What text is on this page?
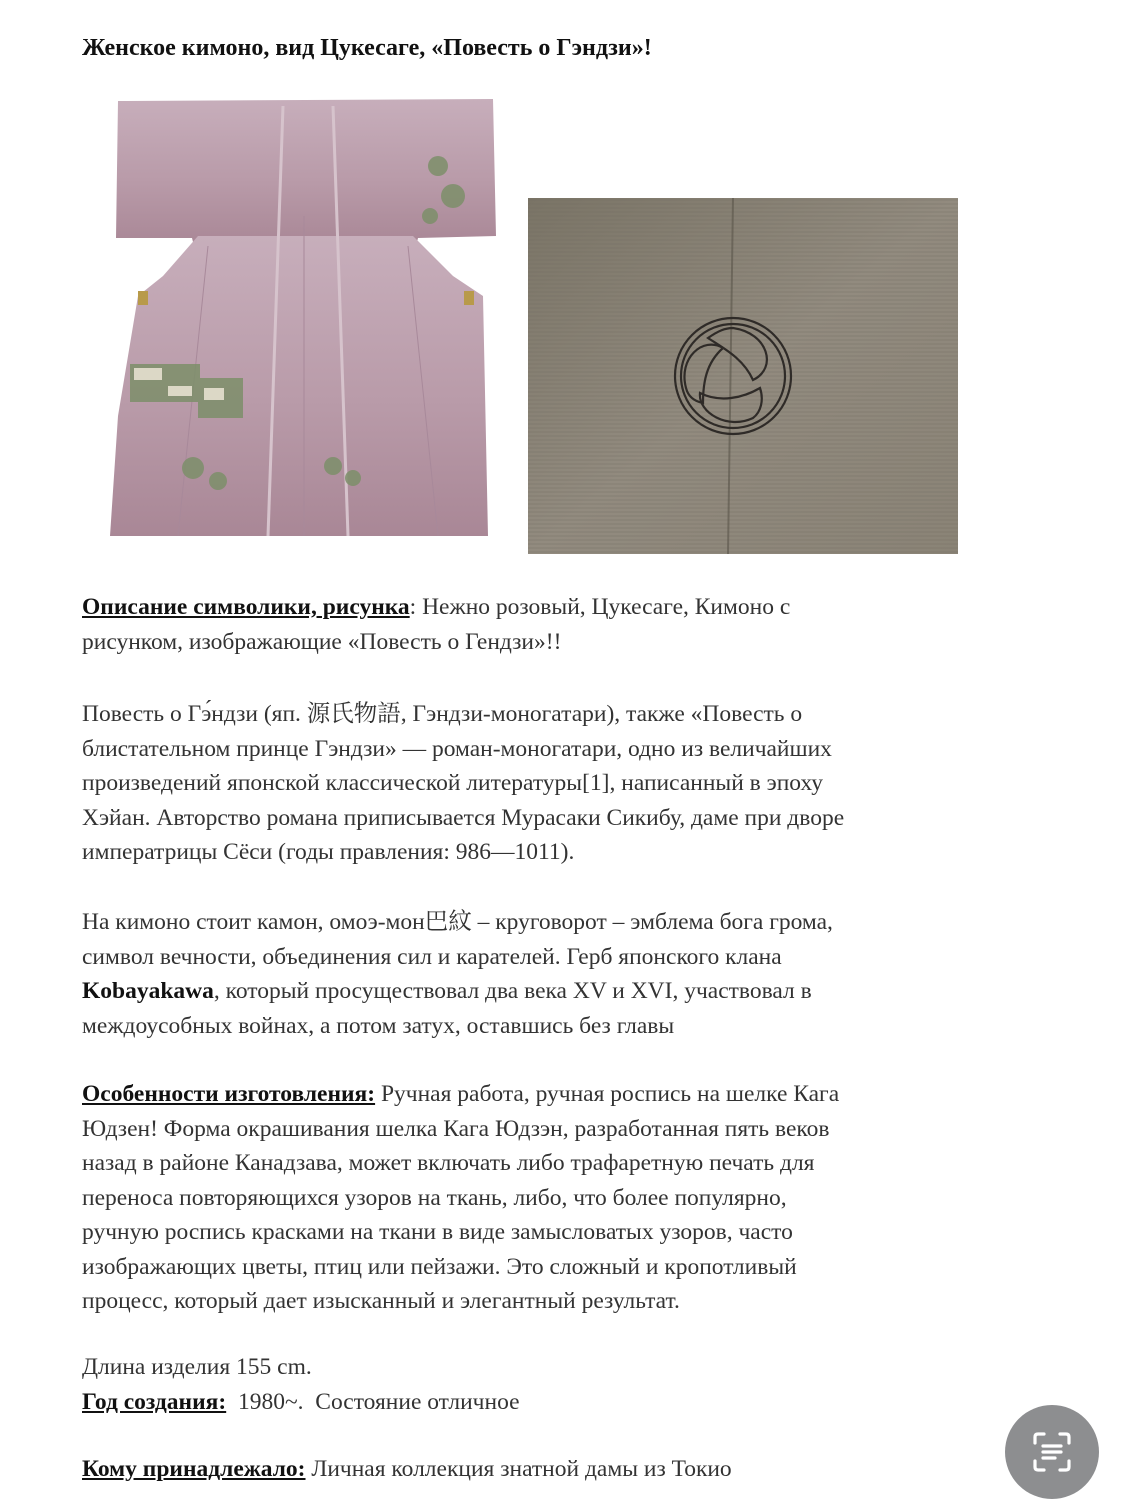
Женское кимоно, вид Цукесаге, «Повесть о Гэндзи»!

Описание символики, рисунка: Нежно розовый, Цукесаге, Кимоно с

рисунком, изображающие «Повесть о Гендзи»!!

Повесть о Гэ́ндзи (яп. 源氏物語, Гэндзи-моногатари), также «Повесть о

блистательном принце Гэндзи» — роман-моногатари, одно из величайших

произведений японской классической литературы[1], написанный в эпоху

Хэйан. Авторство романа приписывается Мурасаки Сикибу, даме при дворе

императрицы Сёси (годы правления: 986—1011).

На кимоно стоит камон, омоэ-мон巴紋 – круговорот – эмблема бога грома,

символ вечности, объединения сил и карателей. Герб японского клана

Kobayakawa, который просуществовал два века XV и XVI, участвовал в

междоусобных войнах, а потом затух, оставшись без главы

Особенности изготовления: Ручная работа, ручная роспись на шелке Кага

Юдзен! Форма окрашивания шелка Кага Юдзэн, разработанная пять веков

назад в районе Канадзава, может включать либо трафаретную печать для

переноса повторяющихся узоров на ткань, либо, что более популярно,

ручную роспись красками на ткани в виде замысловатых узоров, часто

изображающих цветы, птиц или пейзажи. Это сложный и кропотливый

процесс, который дает изысканный и элегантный результат.

Длина изделия 155 cm.

Год создания:  1980~.  Состояние отличное

Кому принадлежало: Личная коллекция знатной дамы из Токио
